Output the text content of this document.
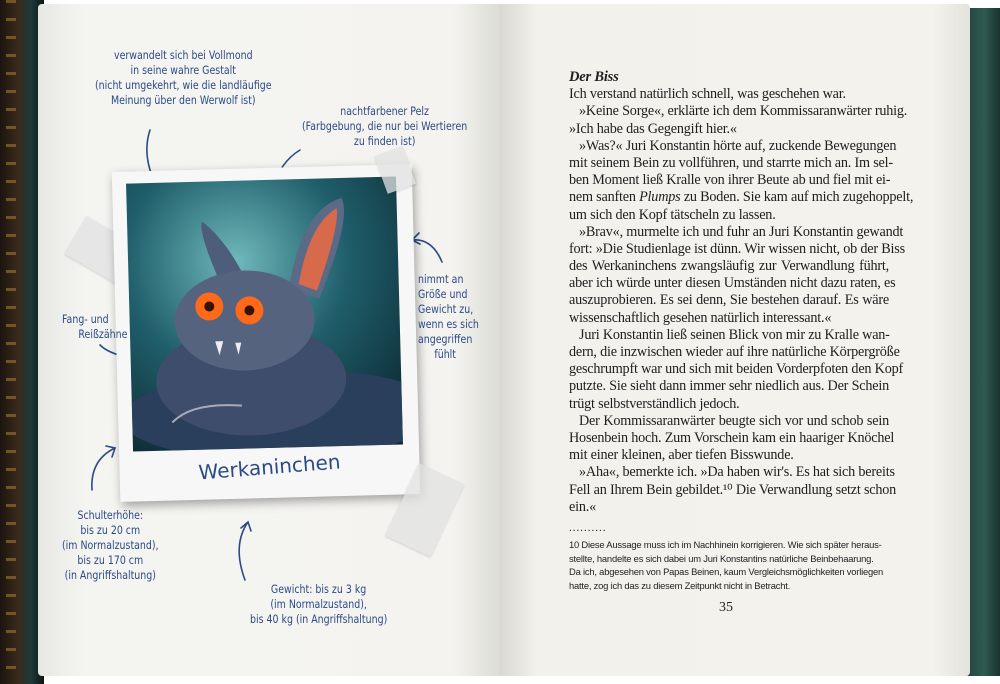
Werkaninchen
verwandelt sich bei Vollmond
in seine wahre Gestalt
(nicht umgekehrt, wie die landläufige
Meinung über den Werwolf ist)
nachtfarbener Pelz
(Farbgebung, die nur bei Wertieren
zu finden ist)
nimmt an
Größe und
Gewicht zu,
wenn es sich
angegriffen
fühlt
Fang- und
Reißzähne
Schulterhöhe:
bis zu 20 cm
(im Normalzustand),
bis zu 170 cm
(in Angriffshaltung)
Gewicht: bis zu 3 kg
(im Normalzustand),
bis 40 kg (in Angriffshaltung)
Der Biss
Ich verstand natürlich schnell, was geschehen war.
»Keine Sorge«, erklärte ich dem Kommissaranwärter ruhig.
»Ich habe das Gegengift hier.«
»Was?« Juri Konstantin hörte auf, zuckende Bewegungen
mit seinem Bein zu vollführen, und starrte mich an. Im sel-
ben Moment ließ Kralle von ihrer Beute ab und fiel mit ei-
nem sanften Plumps zu Boden. Sie kam auf mich zugehoppelt,
um sich den Kopf tätscheln zu lassen.
»Brav«, murmelte ich und fuhr an Juri Konstantin gewandt
fort: »Die Studienlage ist dünn. Wir wissen nicht, ob der Biss
des Werkaninchens zwangsläufig zur Verwandlung führt,
aber ich würde unter diesen Umständen nicht dazu raten, es
auszuprobieren. Es sei denn, Sie bestehen darauf. Es wäre
wissenschaftlich gesehen natürlich interessant.«
Juri Konstantin ließ seinen Blick von mir zu Kralle wan-
dern, die inzwischen wieder auf ihre natürliche Körpergröße
geschrumpft war und sich mit beiden Vorderpfoten den Kopf
putzte. Sie sieht dann immer sehr niedlich aus. Der Schein
trügt selbstverständlich jedoch.
Der Kommissaranwärter beugte sich vor und schob sein
Hosenbein hoch. Zum Vorschein kam ein haariger Knöchel
mit einer kleinen, aber tiefen Bisswunde.
»Aha«, bemerkte ich. »Da haben wir's. Es hat sich bereits
Fell an Ihrem Bein gebildet.¹⁰ Die Verwandlung setzt schon
ein.«
..........
10 Diese Aussage muss ich im Nachhinein korrigieren. Wie sich später heraus-
stellte, handelte es sich dabei um Juri Konstantins natürliche Beinbehaarung.
Da ich, abgesehen von Papas Beinen, kaum Vergleichsmöglichkeiten vorliegen
hatte, zog ich das zu diesem Zeitpunkt nicht in Betracht.
35
